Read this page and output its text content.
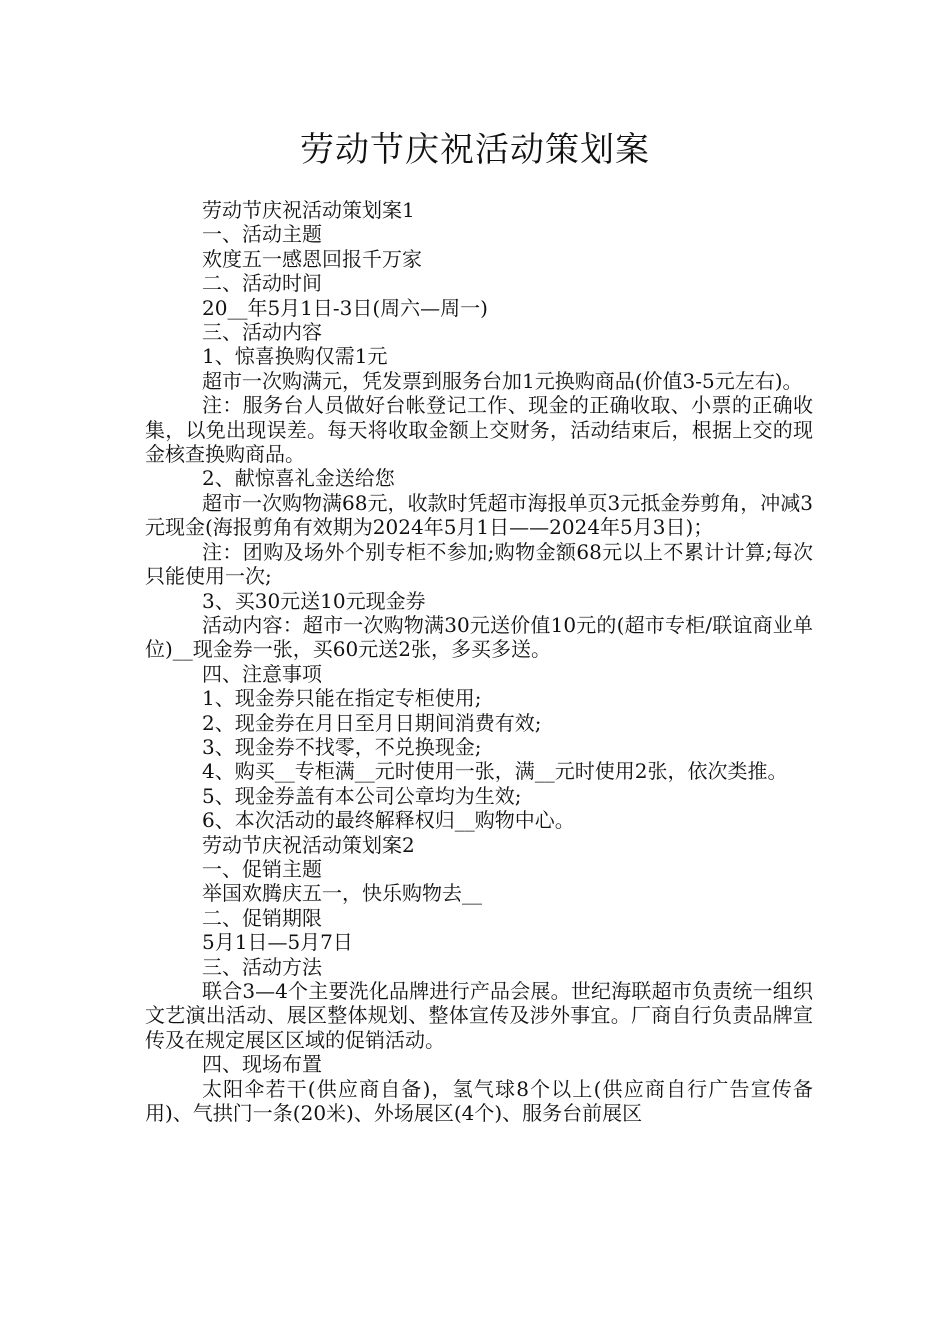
劳动节庆祝活动策划案

劳动节庆祝活动策划案1

一、活动主题

欢度五一感恩回报千万家

二、活动时间

20__年5月1日-3日(周六—周一)

三、活动内容

1、惊喜换购仅需1元

超市一次购满元，凭发票到服务台加1元换购商品(价值3-5元左右)。

注：服务台人员做好台帐登记工作、现金的正确收取、小票的正确收集，以免出现误差。每天将收取金额上交财务，活动结束后，根据上交的现金核查换购商品。

2、献惊喜礼金送给您

超市一次购物满68元，收款时凭超市海报单页3元抵金券剪角，冲减3元现金(海报剪角有效期为2024年5月1日——2024年5月3日)；

注：团购及场外个别专柜不参加;购物金额68元以上不累计计算;每次只能使用一次;

3、买30元送10元现金券

活动内容：超市一次购物满30元送价值10元的(超市专柜/联谊商业单位)__现金券一张，买60元送2张，多买多送。

四、注意事项

1、现金券只能在指定专柜使用;

2、现金券在月日至月日期间消费有效;

3、现金券不找零，不兑换现金;

4、购买__专柜满__元时使用一张，满__元时使用2张，依次类推。

5、现金券盖有本公司公章均为生效;

6、本次活动的最终解释权归__购物中心。

劳动节庆祝活动策划案2

一、促销主题

举国欢腾庆五一，快乐购物去__

二、促销期限

5月1日—5月7日

三、活动方法

联合3—4个主要洗化品牌进行产品会展。世纪海联超市负责统一组织文艺演出活动、展区整体规划、整体宣传及涉外事宜。厂商自行负责品牌宣传及在规定展区区域的促销活动。

四、现场布置

太阳伞若干(供应商自备)，氢气球8个以上(供应商自行广告宣传备用)、气拱门一条(20米)、外场展区(4个)、服务台前展区
